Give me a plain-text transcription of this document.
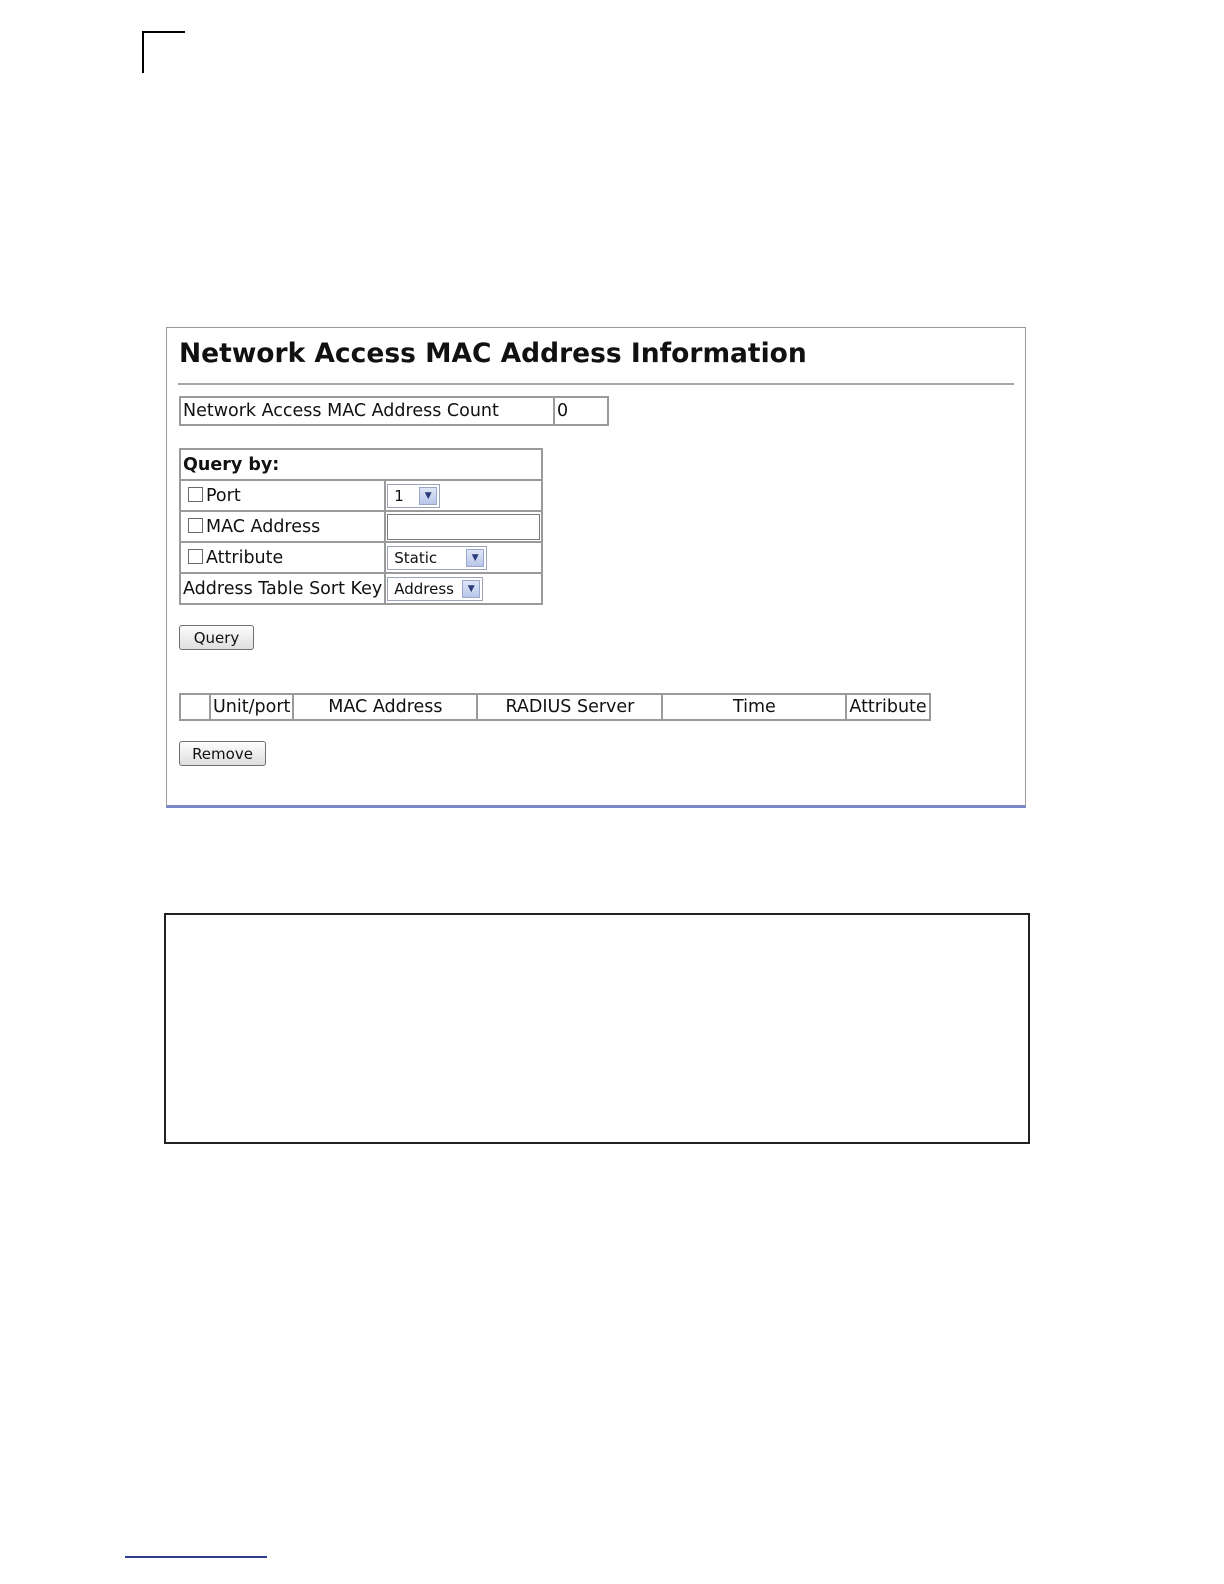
Network Access MAC Address Information
Network Access MAC Address Count	0
Query by:	
Port	1 ▼

MAC Address	
Attribute	Static ▼

Address Table Sort Key	Address ▼
Query
	Unit/port	MAC Address	RADIUS Server	Time	Attribute
Remove
